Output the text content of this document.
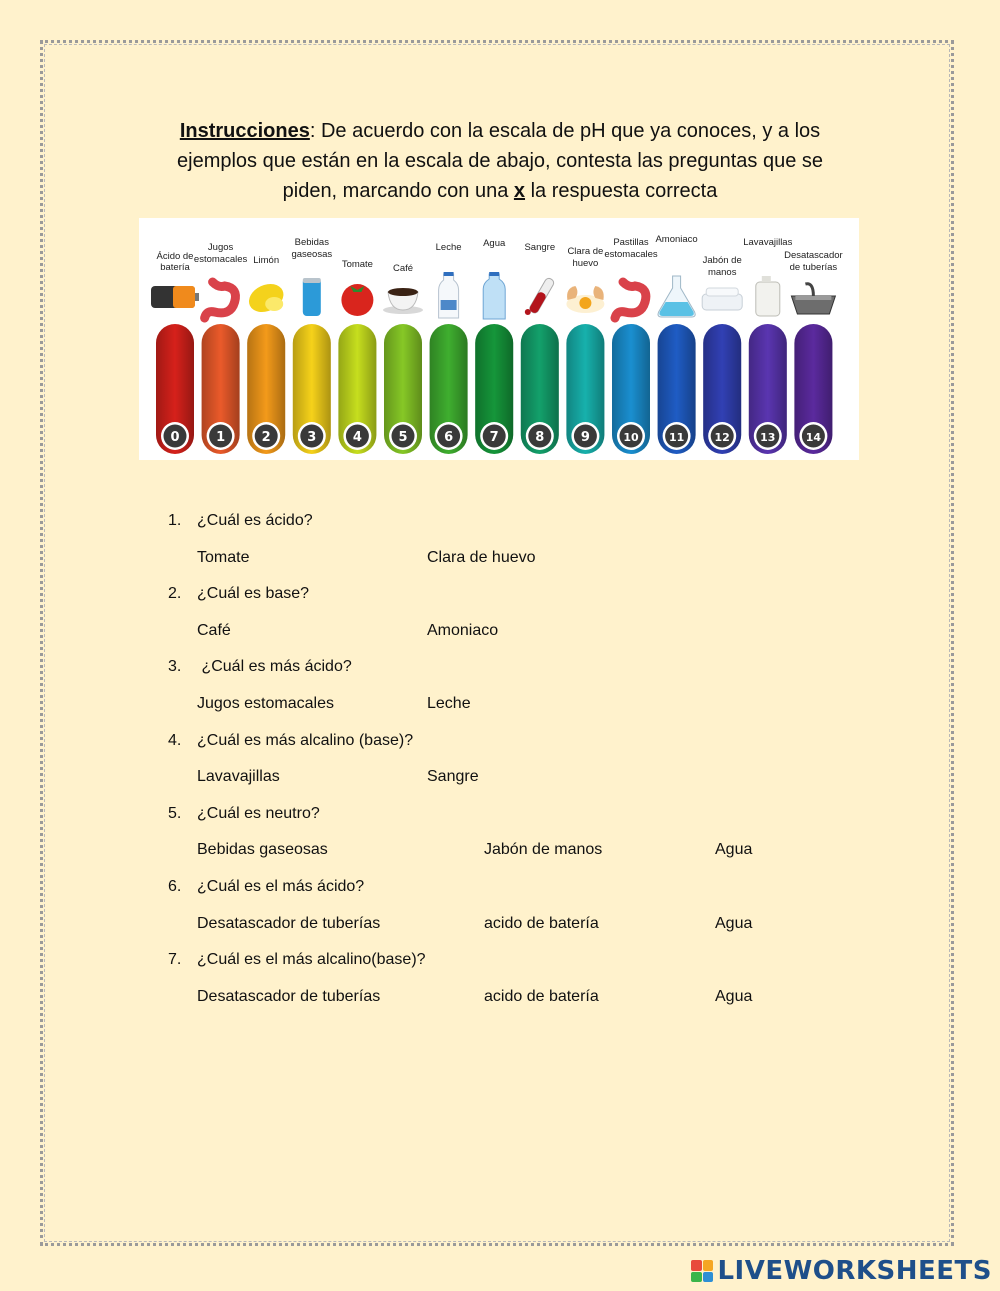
Instrucciones: De acuerdo con la escala de pH que ya conoces, y a los
ejemplos que están en la escala de abajo, contesta las preguntas que se
piden, marcando con una x la respuesta correcta
Ácido de
batería
0
Jugos
estomacales
1
Limón
2
Bebidas
gaseosas
3
Tomate
4
Café
5
Leche
6
Agua
7
Sangre
8
Clara de
huevo
9
Pastillas
estomacales
10
Amoniaco
11
Jabón de
manos
12
Lavavajillas
13
Desatascador
de tuberías
14
1. ¿Cuál es ácido?
Tomate	Clara de huevo
2. ¿Cuál es base?
Café	Amoniaco
3. ¿Cuál es más ácido?
Jugos estomacales	Leche
4. ¿Cuál es más alcalino (base)?
Lavavajillas	Sangre
5. ¿Cuál es neutro?
Bebidas gaseosas	Jabón de manos	Agua
6. ¿Cuál es el más ácido?
Desatascador de tuberías	acido de batería	Agua
7. ¿Cuál es el más alcalino(base)?
Desatascador de tuberías	acido de batería	Agua
LIVEWORKSHEETS
